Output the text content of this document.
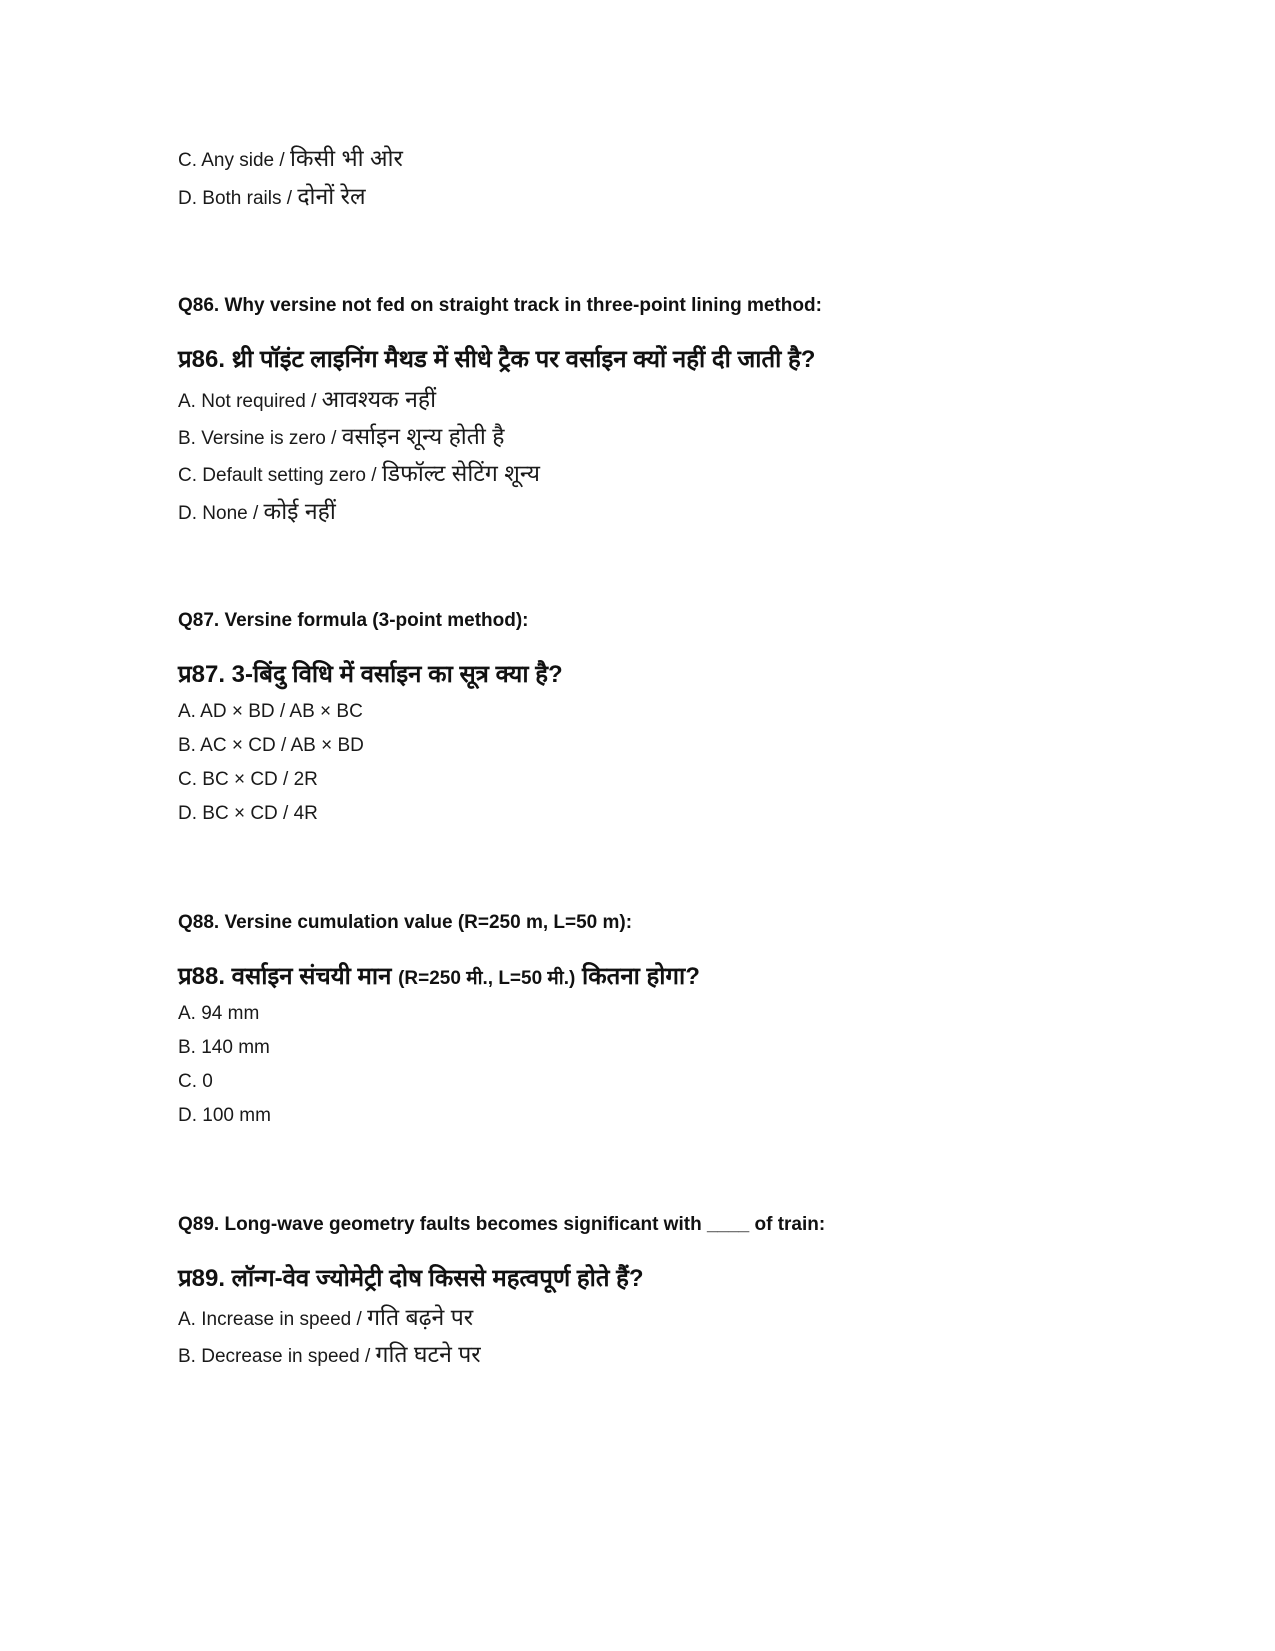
C. Any side / किसी भी ओर
D. Both rails / दोनों रेल
Q86. Why versine not fed on straight track in three-point lining method:
प्र86. थ्री पॉइंट लाइनिंग मैथड में सीधे ट्रैक पर वर्साइन क्यों नहीं दी जाती है?
A. Not required / आवश्यक नहीं
B. Versine is zero / वर्साइन शून्य होती है
C. Default setting zero / डिफॉल्ट सेटिंग शून्य
D. None / कोई नहीं
Q87. Versine formula (3-point method):
प्र87. 3-बिंदु विधि में वर्साइन का सूत्र क्या है?
A. AD × BD / AB × BC
B. AC × CD / AB × BD
C. BC × CD / 2R
D. BC × CD / 4R
Q88. Versine cumulation value (R=250 m, L=50 m):
प्र88. वर्साइन संचयी मान (R=250 मी., L=50 मी.) कितना होगा?
A. 94 mm
B. 140 mm
C. 0
D. 100 mm
Q89. Long-wave geometry faults becomes significant with ____ of train:
प्र89. लॉन्ग-वेव ज्योमेट्री दोष किससे महत्वपूर्ण होते हैं?
A. Increase in speed / गति बढ़ने पर
B. Decrease in speed / गति घटने पर
